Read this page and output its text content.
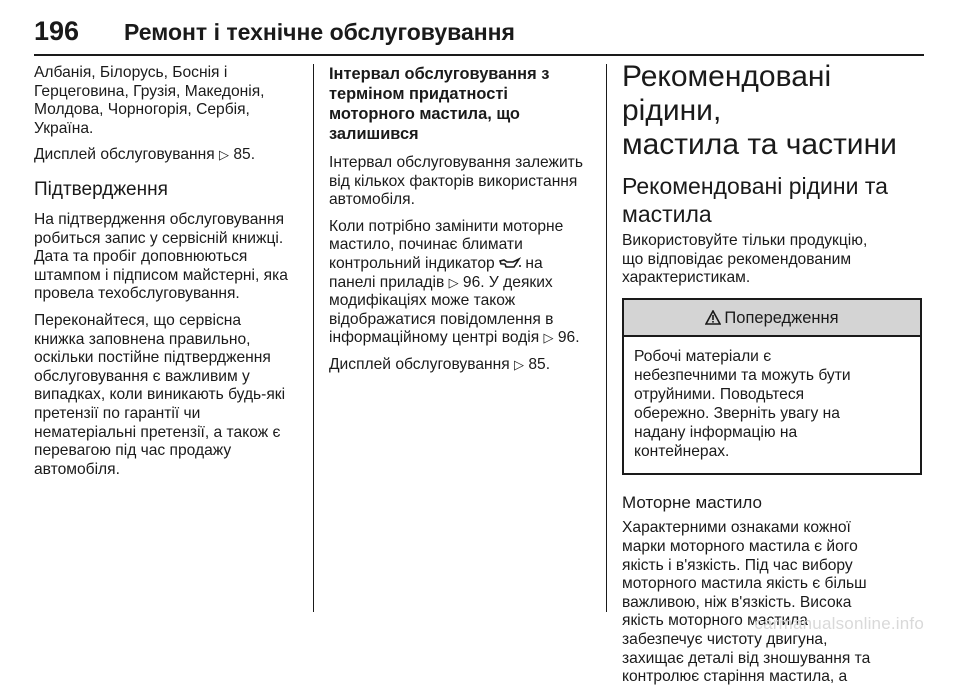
196 Ремонт і технічне обслуговування

Албанія, Білорусь, Боснія і
Герцеговина, Грузія, Македонія,
Молдова, Чорногорія, Сербія,
Україна.

Дисплей обслуговування ▷ 85.

Підтвердження

На підтвердження обслуговування
робиться запис у сервісній книжці.
Дата та пробіг доповнюються
штампом і підписом майстерні, яка
провела техобслуговування.

Переконайтеся, що сервісна
книжка заповнена правильно,
оскільки постійне підтвердження
обслуговування є важливим у
випадках, коли виникають будь-які
претензії по гарантії чи
нематеріальні претензії, а також є
перевагою під час продажу
автомобіля.

Інтервал обслуговування з
терміном придатності
моторного мастила, що
залишився

Інтервал обслуговування залежить
від кількох факторів використання
автомобіля.

Коли потрібно замінити моторне
мастило, починає блимати
контрольний індикатор на
панелі приладів ▷ 96. У деяких
модифікаціях може також
відображатися повідомлення в
інформаційному центрі водія ▷ 96.

Дисплей обслуговування ▷ 85.

Рекомендовані рідини,
мастила та частини
Рекомендовані рідини та
мастила

Використовуйте тільки продукцію,
що відповідає рекомендованим
характеристикам.

Попередження
Робочі матеріали є
небезпечними та можуть бути
отруйними. Поводьтеся
обережно. Зверніть увагу на
надану інформацію на
контейнерах.
Моторне мастило

Характерними ознаками кожної
марки моторного мастила є його
якість і в'язкість. Під час вибору
моторного мастила якість є більш
важливою, ніж в'язкість. Висока
якість моторного мастила
забезпечує чистоту двигуна,
захищає деталі від зношування та
контролює старіння мастила, а

carmanualsonline.info
